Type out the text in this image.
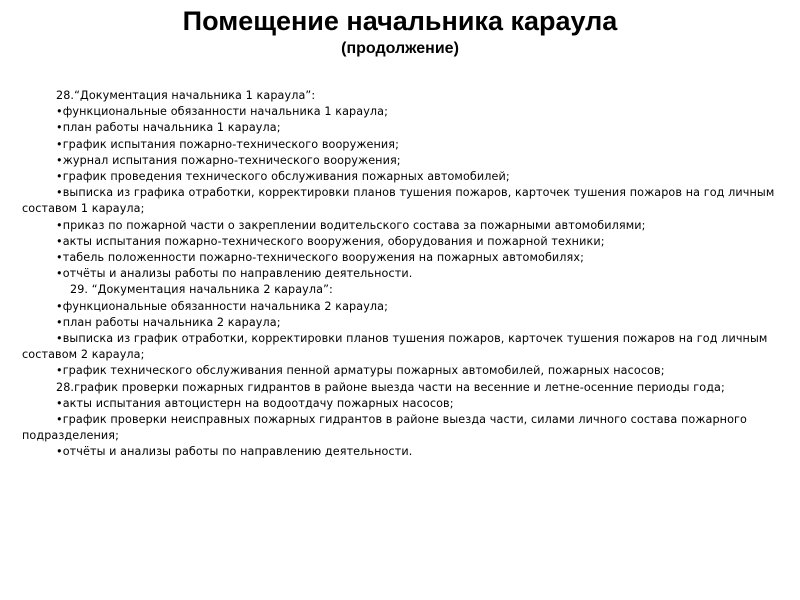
Помещение начальника караула
(продолжение)

28.“Документация начальника 1 караула”:

•функциональные обязанности начальника 1 караула;

•план работы начальника 1 караула;

•график испытания пожарно-технического вооружения;

•журнал испытания пожарно-технического вооружения;

•график проведения технического обслуживания пожарных автомобилей;

•выписка из графика отработки, корректировки планов тушения пожаров, карточек тушения пожаров на год личным составом 1 караула;

•приказ по пожарной части о закреплении водительского состава за пожарными автомобилями;

•акты испытания пожарно-технического вооружения, оборудования и пожарной техники;

•табель положенности пожарно-технического вооружения на пожарных автомобилях;

•отчёты и анализы работы по направлению деятельности.

29. “Документация начальника 2 караула”:

•функциональные обязанности начальника 2 караула;

•план работы начальника 2 караула;

•выписка из график отработки, корректировки планов тушения пожаров, карточек тушения пожаров на год личным составом 2 караула;

•график технического обслуживания пенной арматуры пожарных автомобилей, пожарных насосов;

28.график проверки пожарных гидрантов в районе выезда части на весенние и летне-осенние периоды года;

•акты испытания автоцистерн на водоотдачу пожарных насосов;

•график проверки неисправных пожарных гидрантов в районе выезда части, силами личного состава пожарного подразделения;

•отчёты и анализы работы по направлению деятельности.
